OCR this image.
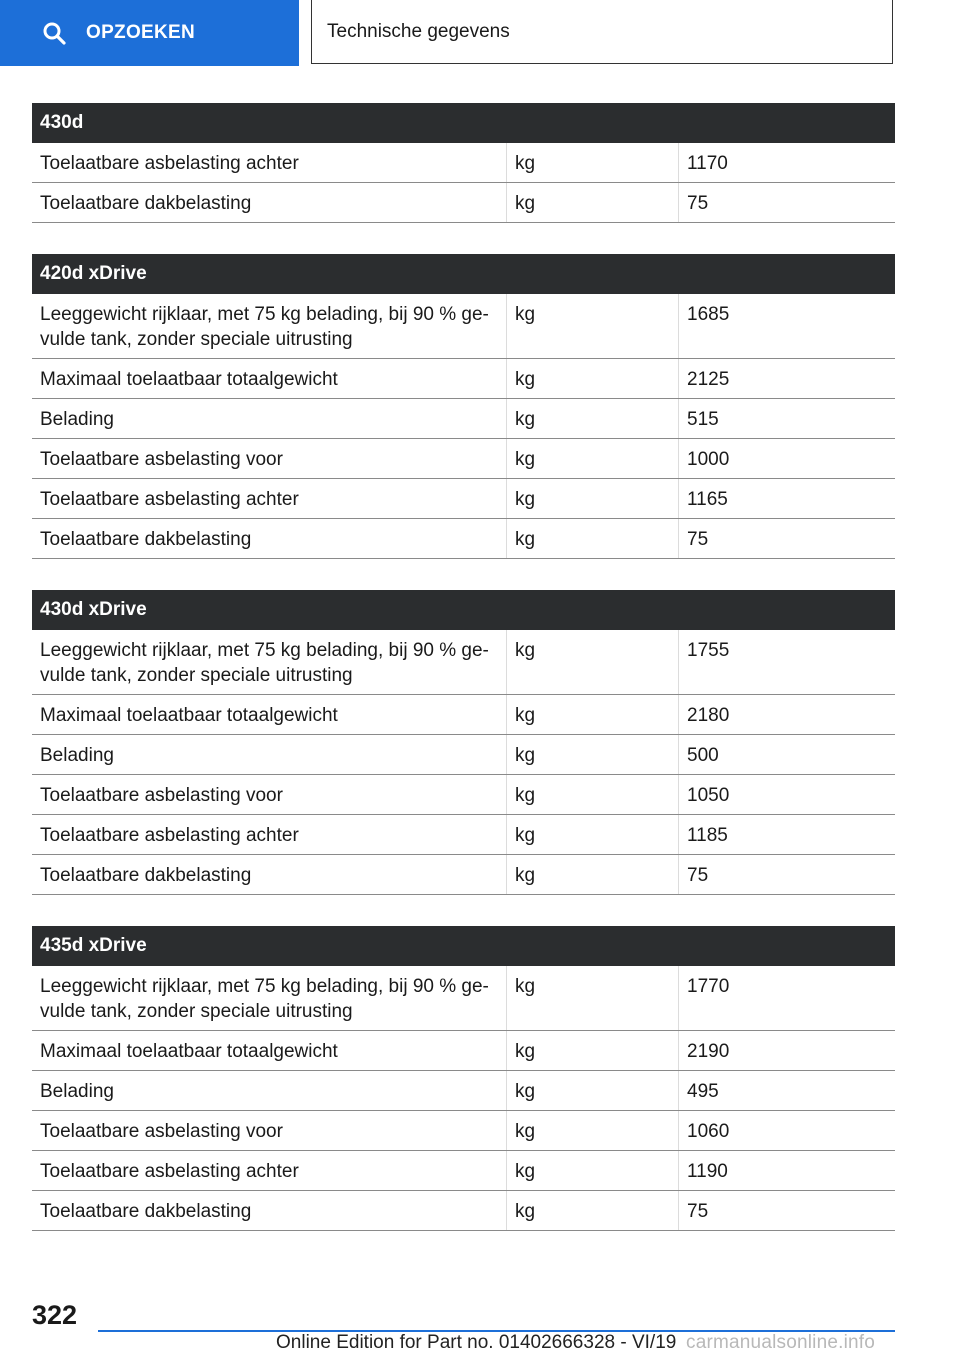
OPZOEKEN	Technische gegevens
430d
Toelaatbare asbelasting achter	kg	1170
Toelaatbare dakbelasting	kg	75
420d xDrive
Leeggewicht rijklaar, met 75 kg belading, bij 90 % ge-
vulde tank, zonder speciale uitrusting
kg	1685
Maximaal toelaatbaar totaalgewicht	kg	2125
Belading	kg	515
Toelaatbare asbelasting voor	kg	1000
Toelaatbare asbelasting achter	kg	1165
Toelaatbare dakbelasting	kg	75
430d xDrive
Leeggewicht rijklaar, met 75 kg belading, bij 90 % ge-
vulde tank, zonder speciale uitrusting
kg	1755
Maximaal toelaatbaar totaalgewicht	kg	2180
Belading	kg	500
Toelaatbare asbelasting voor	kg	1050
Toelaatbare asbelasting achter	kg	1185
Toelaatbare dakbelasting	kg	75
435d xDrive
Leeggewicht rijklaar, met 75 kg belading, bij 90 % ge-
vulde tank, zonder speciale uitrusting
kg	1770
Maximaal toelaatbaar totaalgewicht	kg	2190
Belading	kg	495
Toelaatbare asbelasting voor	kg	1060
Toelaatbare asbelasting achter	kg	1190
Toelaatbare dakbelasting	kg	75
322
Online Edition for Part no. 01402666328 - VI/19 carmanualsonline.info
